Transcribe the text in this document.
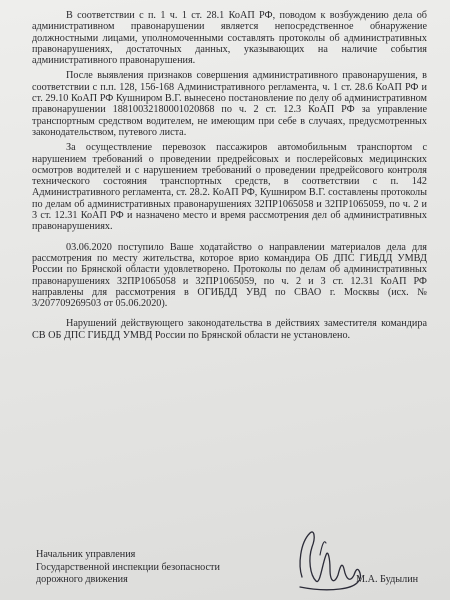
В соответствии с п. 1 ч. 1 ст. 28.1 КоАП РФ, поводом к возбуждению дела об административном правонарушении является непосредственное обнаружение должностными лицами, уполномоченными составлять протоколы об административных правонарушениях, достаточных данных, указывающих на наличие события административного правонарушения.

После выявления признаков совершения административного правонарушения, в соответствии с п.п. 128, 156-168 Административного регламента, ч. 1 ст. 28.6 КоАП РФ и ст. 29.10 КоАП РФ Кушниром В.Г. вынесено постановление по делу об административном правонарушении 18810032180001020868 по ч. 2 ст. 12.3 КоАП РФ за управление транспортным средством водителем, не имеющим при себе в случаях, предусмотренных законодательством, путевого листа.

За осуществление перевозок пассажиров автомобильным транспортом с нарушением требований о проведении предрейсовых и послерейсовых медицинских осмотров водителей и с нарушением требований о проведении предрейсового контроля технического состояния транспортных средств, в соответствии с п. 142 Административного регламента, ст. 28.2. КоАП РФ, Кушниром В.Г. составлены протоколы по делам об административных правонарушениях 32ПР1065058 и 32ПР1065059, по ч. 2 и 3 ст. 12.31 КоАП РФ и назначено место и время рассмотрения дел об административных правонарушениях.

03.06.2020 поступило Ваше ходатайство о направлении материалов дела для рассмотрения по месту жительства, которое врио командира ОБ ДПС ГИБДД УМВД России по Брянской области удовлетворено. Протоколы по делам об административных правонарушениях 32ПР1065058 и 32ПР1065059, по ч. 2 и 3 ст. 12.31 КоАП РФ направлены для рассмотрения в ОГИБДД УВД по СВАО г. Москвы (исх. № 3/207709269503 от 05.06.2020).

Нарушений действующего законодательства в действиях заместителя командира СВ ОБ ДПС ГИБДД УМВД России по Брянской области не установлено.

Начальник управления
Государственной инспекции безопасности
дорожного движения	М.А. Будылин
